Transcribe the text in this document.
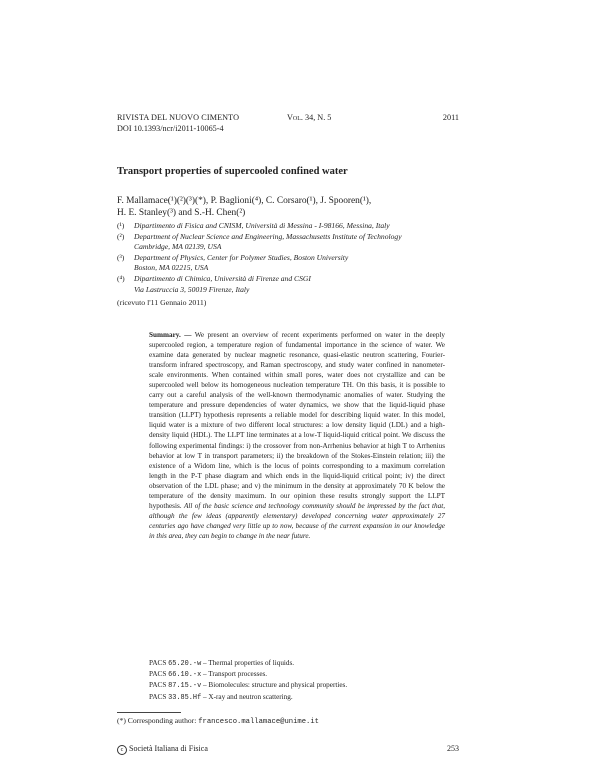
RIVISTA DEL NUOVO CIMENTO	Vol. 34, N. 5	2011
DOI 10.1393/ncr/i2011-10065-4
Transport properties of supercooled confined water
F. Mallamace(¹)(²)(³)(*), P. Baglioni(⁴), C. Corsaro(¹), J. Spooren(¹),
H. E. Stanley(³) and S.-H. Chen(²)
(¹)	Dipartimento di Fisica and CNISM, Università di Messina - I-98166, Messina, Italy
(²)	Department of Nuclear Science and Engineering, Massachusetts Institute of Technology
Cambridge, MA 02139, USA
(³)	Department of Physics, Center for Polymer Studies, Boston University
Boston, MA 02215, USA
(⁴)	Dipartimento di Chimica, Università di Firenze and CSGI
Via Lastruccia 3, 50019 Firenze, Italy
(ricevuto l'11 Gennaio 2011)
Summary. — We present an overview of recent experiments performed on water in the deeply supercooled region, a temperature region of fundamental importance in the science of water. We examine data generated by nuclear magnetic resonance, quasi-elastic neutron scattering, Fourier-transform infrared spectroscopy, and Raman spectroscopy, and study water confined in nanometer-scale environments. When contained within small pores, water does not crystallize and can be supercooled well below its homogeneous nucleation temperature TH. On this basis, it is possible to carry out a careful analysis of the well-known thermodynamic anomalies of water. Studying the temperature and pressure dependencies of water dynamics, we show that the liquid-liquid phase transition (LLPT) hypothesis represents a reliable model for describing liquid water. In this model, liquid water is a mixture of two different local structures: a low density liquid (LDL) and a high-density liquid (HDL). The LLPT line terminates at a low-T liquid-liquid critical point. We discuss the following experimental findings: i) the crossover from non-Arrhenius behavior at high T to Arrhenius behavior at low T in transport parameters; ii) the breakdown of the Stokes-Einstein relation; iii) the existence of a Widom line, which is the locus of points corresponding to a maximum correlation length in the P-T phase diagram and which ends in the liquid-liquid critical point; iv) the direct observation of the LDL phase; and v) the minimum in the density at approximately 70 K below the temperature of the density maximum. In our opinion these results strongly support the LLPT hypothesis. All of the basic science and technology community should be impressed by the fact that, although the few ideas (apparently elementary) developed concerning water approximately 27 centuries ago have changed very little up to now, because of the current expansion in our knowledge in this area, they can begin to change in the near future.
PACS 65.20.-w – Thermal properties of liquids.
PACS 66.10.-x – Transport processes.
PACS 87.15.-v – Biomolecules: structure and physical properties.
PACS 33.85.Hf – X-ray and neutron scattering.
(*) Corresponding author: francesco.mallamace@unime.it
c Società Italiana di Fisica	253
